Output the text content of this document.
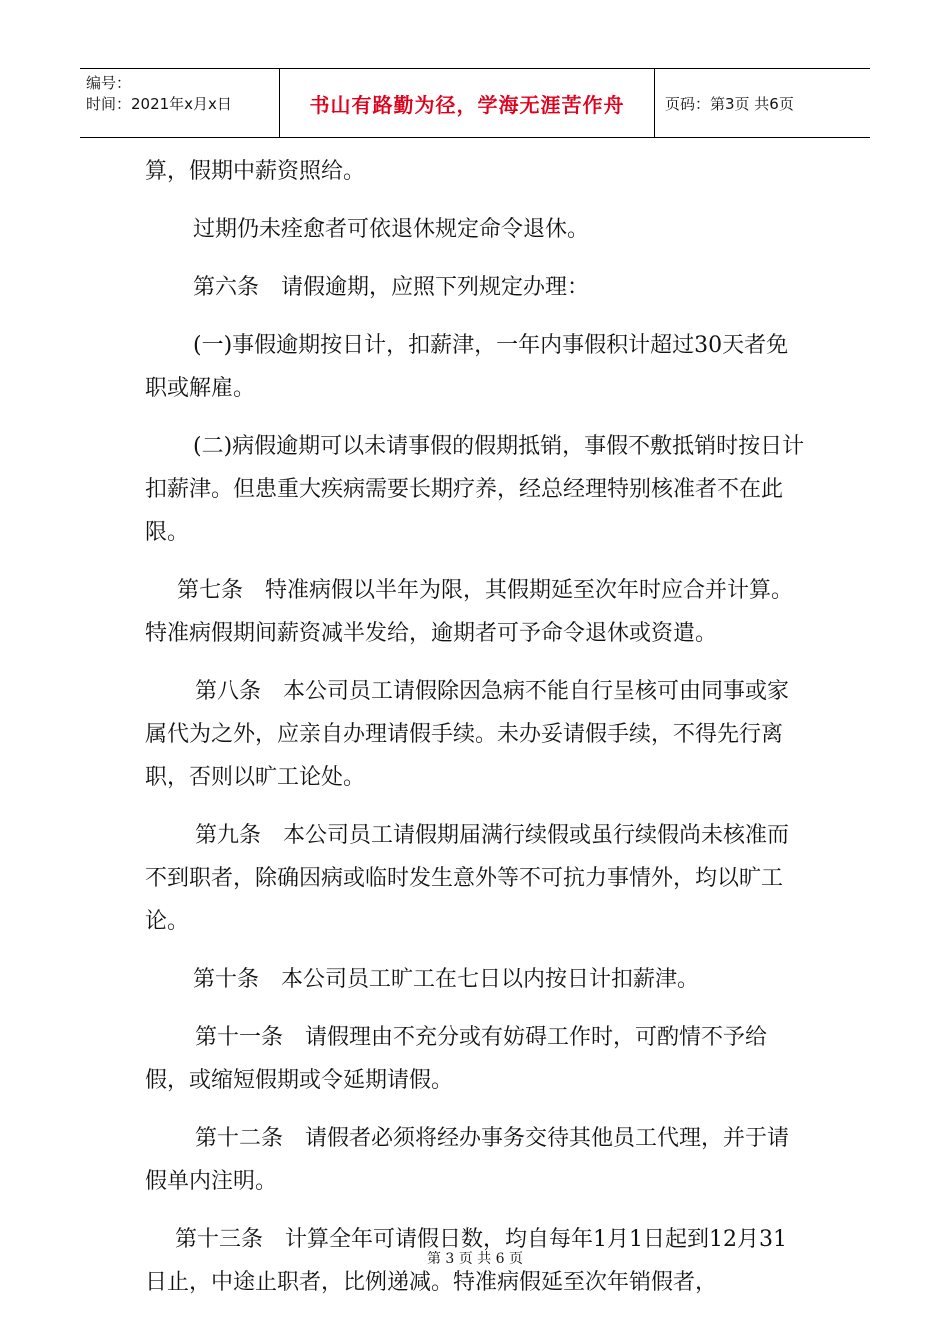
编号：
时间：2021年x月x日	书山有路勤为径，学海无涯苦作舟	页码：第3页 共6页

算，假期中薪资照给。

过期仍未痊愈者可依退休规定命令退休。

第六条　请假逾期，应照下列规定办理：

(一)事假逾期按日计，扣薪津，一年内事假积计超过30天者免职或解雇。

(二)病假逾期可以未请事假的假期抵销，事假不敷抵销时按日计扣薪津。但患重大疾病需要长期疗养，经总经理特别核准者不在此限。

第七条　特准病假以半年为限，其假期延至次年时应合并计算。特准病假期间薪资减半发给，逾期者可予命令退休或资遣。

第八条　本公司员工请假除因急病不能自行呈核可由同事或家属代为之外，应亲自办理请假手续。未办妥请假手续，不得先行离职，否则以旷工论处。

第九条　本公司员工请假期届满行续假或虽行续假尚未核准而不到职者，除确因病或临时发生意外等不可抗力事情外，均以旷工论。

第十条　本公司员工旷工在七日以内按日计扣薪津。

第十一条　请假理由不充分或有妨碍工作时，可酌情不予给假，或缩短假期或令延期请假。

第十二条　请假者必须将经办事务交待其他员工代理，并于请假单内注明。

第十三条　计算全年可请假日数，均自每年1月1日起到12月31日止，中途止职者，比例递减。特准病假延至次年销假者，

第 3 页 共 6 页
